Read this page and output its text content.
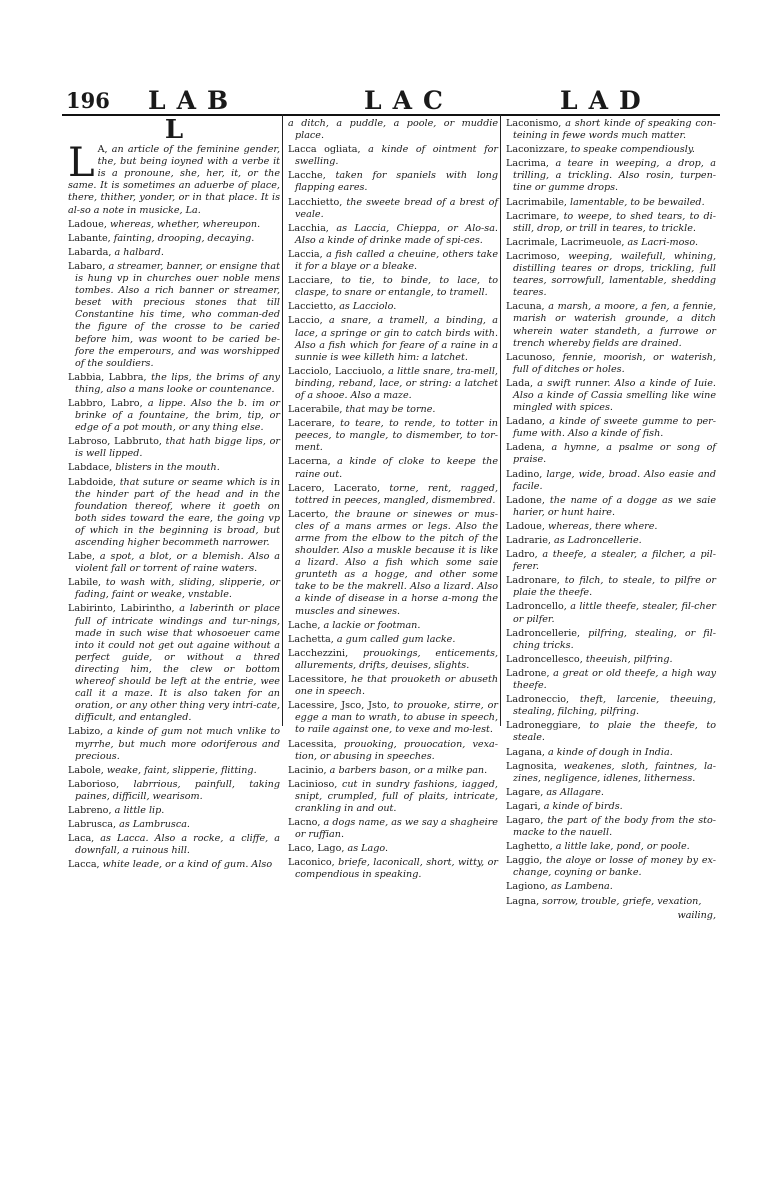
196 LAB	LAC	LAD
L

L A, an article of the feminine gender, the, but being ioyned with a verbe it is a pronoune, she, her, it, or the same. It is sometimes an aduerbe of place, there, thither, yonder, or in that place. It is al-so a note in musicke, La.

Ladoue, whereas, whether, whereupon.

Labante, fainting, drooping, decaying.

Labarda, a halbard.

Labaro, a streamer, banner, or ensigne that is hung vp in churches ouer noble mens tombes. Also a rich banner or streamer, beset with precious stones that till Constantine his time, who comman-ded the figure of the crosse to be caried before him, was woont to be caried be-fore the emperours, and was worshipped of the souldiers.

Labbia, Labbra, the lips, the brims of any thing, also a mans looke or countenance.

Labbro, Labro, a lippe. Also the b. im or brinke of a fountaine, the brim, tip, or edge of a pot mouth, or any thing else.

Labroso, Labbruto, that hath bigge lips, or is well lipped.

Labdace, blisters in the mouth.

Labdoide, that suture or seame which is in the hinder part of the head and in the foundation thereof, where it goeth on both sides toward the eare, the going vp of which in the beginning is broad, but ascending higher becommeth narrower.

Labe, a spot, a blot, or a blemish. Also a violent fall or torrent of raine waters.

Labile, to wash with, sliding, slipperie, or fading, faint or weake, vnstable.

Labirinto, Labirintho, a laberinth or place full of intricate windings and tur-nings, made in such wise that whosoeuer came into it could not get out againe without a perfect guide, or without a thred directing him, the clew or bottom whereof should be left at the entrie, wee call it a maze. It is also taken for an oration, or any other thing very intri-cate, difficult, and entangled.

Labizo, a kinde of gum not much vnlike to myrrhe, but much more odoriferous and precious.

Labole, weake, faint, slipperie, flitting.

Laborioso, labrrious, painfull, taking paines, difficill, wearisom.

Labreno, a little lip.

Labrusca, as Lambrusca.

Laca, as Lacca. Also a rocke, a cliffe, a downfall, a ruinous hill.

Lacca, white leade, or a kind of gum. Also

a ditch, a puddle, a poole, or muddie place.

Lacca ogliata, a kinde of ointment for swelling.

Lacche, taken for spaniels with long flapping eares.

Lacchietto, the sweete bread of a brest of veale.

Lacchia, as Laccia, Chieppa, or Alo-sa. Also a kinde of drinke made of spi-ces.

Laccia, a fish called a cheuine, others take it for a blaye or a bleake.

Lacciare, to tie, to binde, to lace, to claspe, to snare or entangle, to tramell.

Laccietto, as Lacciolo.

Laccio, a snare, a tramell, a binding, a lace, a springe or gin to catch birds with. Also a fish which for feare of a raine in a sunnie is wee killeth him: a latchet.

Lacciolo, Lacciuolo, a little snare, tra-mell, binding, reband, lace, or string: a latchet of a shooe. Also a maze.

Lacerabile, that may be torne.

Lacerare, to teare, to rende, to totter in peeces, to mangle, to dismember, to tor-ment.

Lacerna, a kinde of cloke to keepe the raine out.

Lacero, Lacerato, torne, rent, ragged, tottred in peeces, mangled, dismembred.

Lacerto, the braune or sinewes or mus-cles of a mans armes or legs. Also the arme from the elbow to the pitch of the shoulder. Also a muskle because it is like a lizard. Also a fish which some saie grunteth as a hogge, and other some take to be the makrell. Also a lizard. Also a kinde of disease in a horse a-mong the muscles and sinewes.

Lache, a lackie or footman.

Lachetta, a gum called gum lacke.

Lacchezzini, prouokings, enticements, allurements, drifts, deuises, slights.

Lacessitore, he that prouoketh or abuseth one in speech.

Lacessire, Jsco, Jsto, to prouoke, stirre, or egge a man to wrath, to abuse in speech, to raile against one, to vexe and mo-lest.

Lacessita, prouoking, prouocation, vexa-tion, or abusing in speeches.

Lacinio, a barbers bason, or a milke pan.

Lacinioso, cut in sundry fashions, iagged, snipt, crumpled, full of plaits, intricate, crankling in and out.

Lacno, a dogs name, as we say a shagheire or ruffian.

Laco, Lago, as Lago.

Laconico, briefe, laconicall, short, witty, or compendious in speaking.

Laconismo, a short kinde of speaking con-teining in fewe words much matter.

Laconizzare, to speake compendiously.

Lacrima, a teare in weeping, a drop, a trilling, a trickling. Also rosin, turpen-tine or gumme drops.

Lacrimabile, lamentable, to be bewailed.

Lacrimare, to weepe, to shed tears, to di-still, drop, or trill in teares, to trickle.

Lacrimale, Lacrimeuole, as Lacri-moso.

Lacrimoso, weeping, wailefull, whining, distilling teares or drops, trickling, full teares, sorrowfull, lamentable, shedding teares.

Lacuna, a marsh, a moore, a fen, a fennie, marish or waterish grounde, a ditch wherein water standeth, a furrowe or trench whereby fields are drained.

Lacunoso, fennie, moorish, or waterish, full of ditches or holes.

Lada, a swift runner. Also a kinde of Iuie. Also a kinde of Cassia smelling like wine mingled with spices.

Ladano, a kinde of sweete gumme to per-fume with. Also a kinde of fish.

Ladena, a hymne, a psalme or song of praise.

Ladino, large, wide, broad. Also easie and facile.

Ladone, the name of a dogge as we saie harier, or hunt haire.

Ladoue, whereas, there where.

Ladrarie, as Ladroncellerie.

Ladro, a theefe, a stealer, a filcher, a pil-ferer.

Ladronare, to filch, to steale, to pilfre or plaie the theefe.

Ladroncello, a little theefe, stealer, fil-cher or pilfer.

Ladroncellerie, pilfring, stealing, or fil-ching tricks.

Ladroncellesco, theeuish, pilfring.

Ladrone, a great or old theefe, a high way theefe.

Ladroneccio, theft, larcenie, theeuing, stealing, filching, pilfring.

Ladroneggiare, to plaie the theefe, to steale.

Lagana, a kinde of dough in India.

Lagnosita, weakenes, sloth, faintnes, la-zines, negligence, idlenes, litherness.

Lagare, as Allagare.

Lagari, a kinde of birds.

Lagaro, the part of the body from the sto-macke to the nauell.

Laghetto, a little lake, pond, or poole.

Laggio, the aloye or losse of money by ex-change, coyning or banke.

Lagiono, as Lambena.

Lagna, sorrow, trouble, griefe, vexation,

wailing,
